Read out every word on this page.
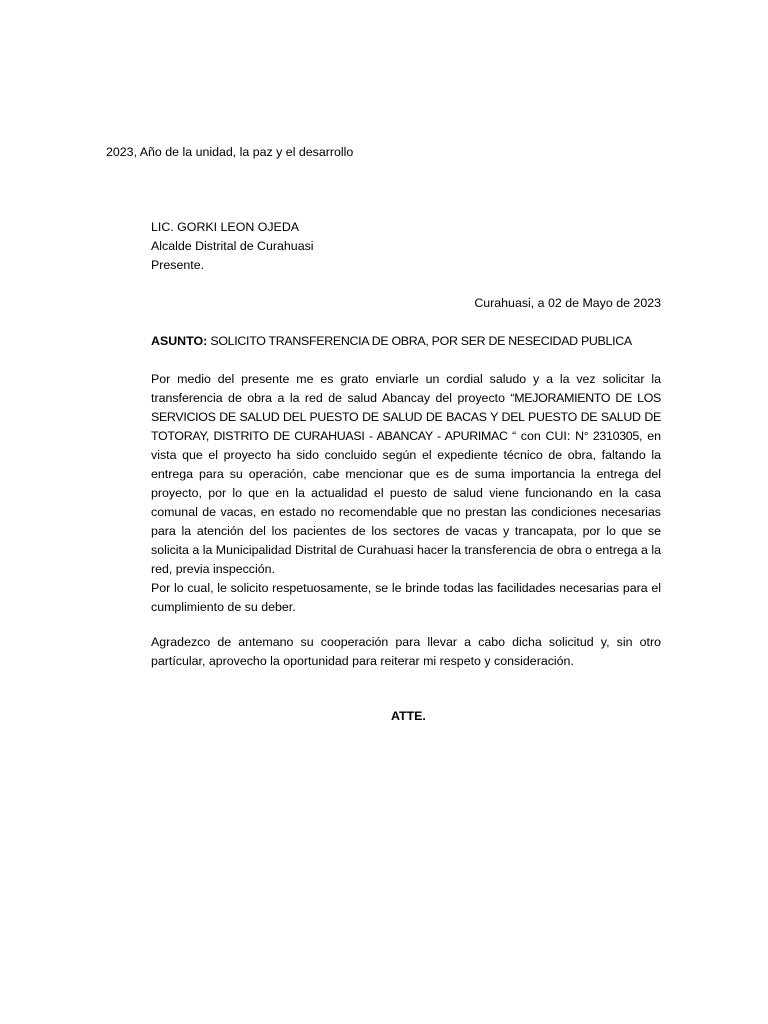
2023, Año de la unidad, la paz y el desarrollo
LIC. GORKI LEON OJEDA
Alcalde Distrital de Curahuasi
Presente.
Curahuasi, a 02 de Mayo de 2023
ASUNTO: SOLICITO TRANSFERENCIA DE OBRA, POR SER DE NESECIDAD PUBLICA

Por medio del presente me es grato enviarle un cordial saludo y a la vez solicitar la transferencia de obra a la red de salud Abancay del proyecto “MEJORAMIENTO DE LOS SERVICIOS DE SALUD DEL PUESTO DE SALUD DE BACAS Y DEL PUESTO DE SALUD DE TOTORAY, DISTRITO DE CURAHUASI - ABANCAY - APURIMAC “ con CUI: N° 2310305, en vista que el proyecto ha sido concluido según el expediente técnico de obra, faltando la entrega para su operación, cabe mencionar que es de suma importancia la entrega del proyecto, por lo que en la actualidad el puesto de salud viene funcionando en la casa comunal de vacas, en estado no recomendable que no prestan las condiciones necesarias para la atención del los pacientes de los sectores de vacas y trancapata, por lo que se solicita a la Municipalidad Distrital de Curahuasi hacer la transferencia de obra o entrega a la red, previa inspección.

Por lo cual, le solicito respetuosamente, se le brinde todas las facilidades necesarias para el cumplimiento de su deber.

Agradezco de antemano su cooperación para llevar a cabo dicha solicitud y, sin otro partícular, aprovecho la oportunidad para reiterar mi respeto y consideración.

ATTE.
